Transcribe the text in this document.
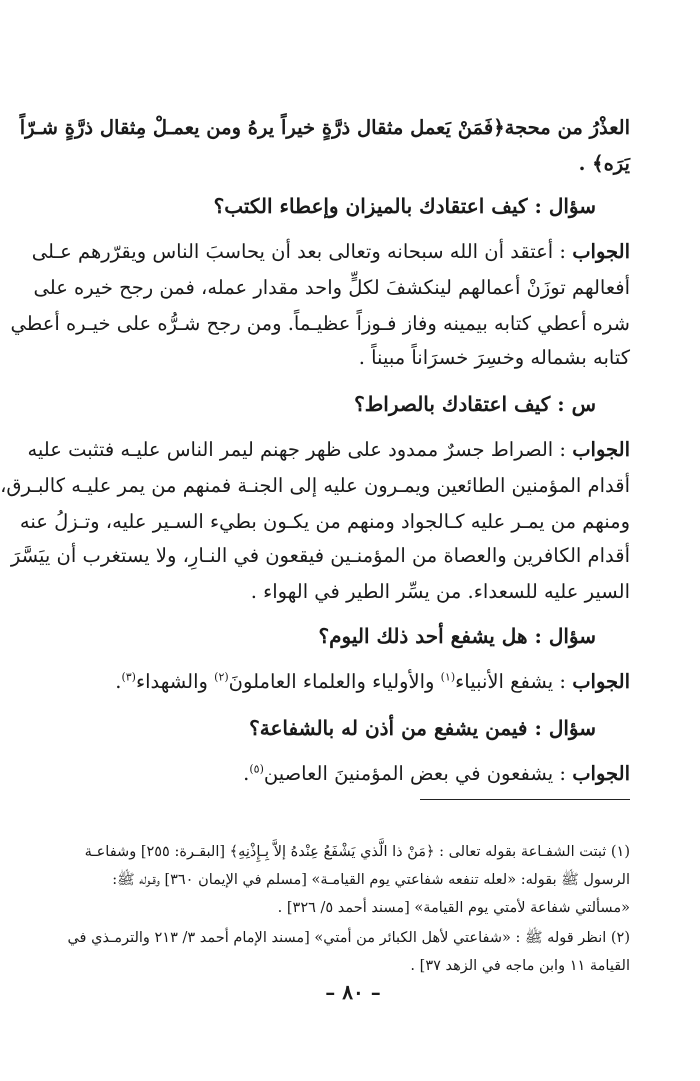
العذْرُ من محجة﴿فَمَنْ يَعمل مثقال ذرَّةٍ خيراً يرهُ ومن يعمـلْ مِثقال ذرَّةٍ شـرّاً
يَرَه﴾ .
سؤال : كيف اعتقادك بالميزان وإعطاء الكتب؟
الجواب : أعتقد أن الله سبحانه وتعالى بعد أن يحاسبَ الناس ويقرّرهم عـلى
أفعالهم توزَنْ أعمالهم لينكشفَ لكلٍّ واحد مقدار عمله، فمن رجح خيره على
شره أعطي كتابه بيمينه وفاز فـوزاً عظيـماً. ومن رجح شـرُّه على خيـره أعطي
كتابه بشماله وخسِرَ خسرَاناً مبيناً .
س : كيف اعتقادك بالصراط؟
الجواب : الصراط جسرٌ ممدود على ظهر جهنم ليمر الناس عليـه فتثبت عليه
أقدام المؤمنين الطائعين ويمـرون عليه إلى الجنـة فمنهم من يمر عليـه كالبـرق،
ومنهم من يمـر عليه كـالجواد ومنهم من يكـون بطيء السـير عليه، وتـزلُ عنه
أقدام الكافرين والعصاة من المؤمنـين فيقعون في النـارِ، ولا يستغرب أن ييَسَّرَ
السير عليه للسعداء. من يسِّر الطير في الهواء .
سؤال : هل يشفع أحد ذلك اليوم؟
الجواب : يشفع الأنبياء$^{(١)}$ والأولياء والعلماء العاملونَ$^{(٢)}$ والشهداء$^{(٣)}$.
سؤال : فيمن يشفع من أذن له بالشفاعة؟
الجواب : يشفعون في بعض المؤمنينَ العاصين$^{(٥)}$.
(١) ثبتت الشفـاعة بقوله تعالى : ﴿مَنْ ذا الَّذي يَشْفَعُ عِنْدهُ إلاَّ بِـإِذْنِهِ﴾ [البقـرة: ٢٥٥] وشفاعـة
الرسول ﷺ بقوله: «لعله تنفعه شفاعتي يوم القيامـة» [مسلم في الإيمان ٣٦٠] وقـوله ﷺ:
«مسألتي شفاعة لأمتي يوم القيامة» [مسند أحمد ٥/ ٣٢٦] .
(٢) انظر قوله ﷺ : «شفاعتي لأهل الكبائر من أمتي» [مسند الإمام أحمد ٣/ ٢١٣ والترمـذي في
القيامة ١١ وابن ماجه في الزهد ٣٧] .
– ٨٠ –
